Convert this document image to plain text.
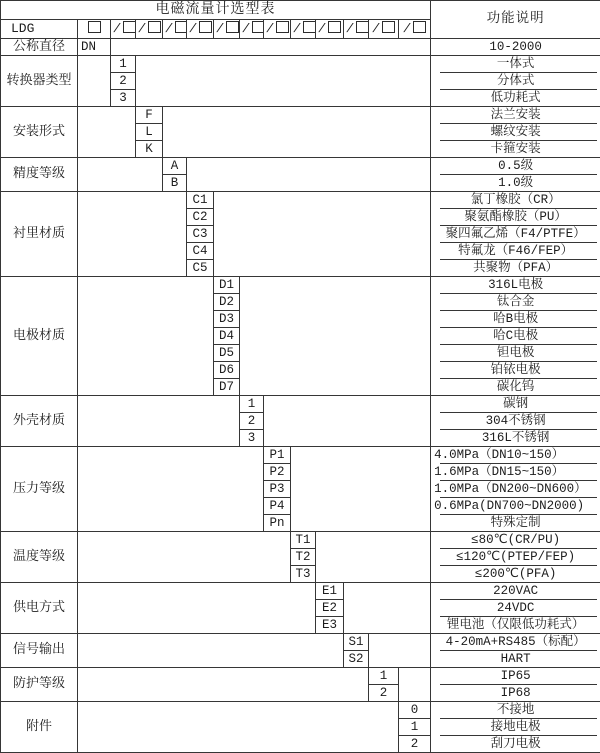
电磁流量计选型表														功能说明
LDG		/	/	/	/	/	/	/	/	/	/	/	/	
公称直径	DN													10-2000
转换器类型		1												一体式

		2												分体式

		3												低功耗式
安装形式			F											法兰安装

			L											螺纹安装

			K											卡箍安装
精度等级				A										0.5级

				B										1.0级
衬里材质					C1									氯丁橡胶（CR）

					C2									聚氨酯橡胶（PU）

					C3									聚四氟乙烯（F4/PTFE）

					C4									特氟龙（F46/FEP）

					C5									共聚物（PFA）
电极材质						D1								316L电极

						D2								钛合金

						D3								哈B电极

						D4								哈C电极

						D5								钽电极

						D6								铂铱电极

						D7								碳化钨
外壳材质							1							碳钢

							2							304不锈钢

							3							316L不锈钢
压力等级								P1						4.0MPa（DN10~150）

								P2						1.6MPa（DN15~150）

								P3						1.0MPa（DN200~DN600）

								P4						0.6MPa(DN700~DN2000)

								Pn						特殊定制
温度等级									T1					≤80℃(CR/PU)

									T2					≤120℃(PTEP/FEP)

									T3					≤200℃(PFA)
供电方式										E1				220VAC

										E2				24VDC

										E3				锂电池（仅限低功耗式）
信号输出											S1			4-20mA+RS485（标配）

											S2			HART
防护等级												1		IP65

												2		IP68
附件													0	不接地

													1	接地电极

													2	刮刀电极
